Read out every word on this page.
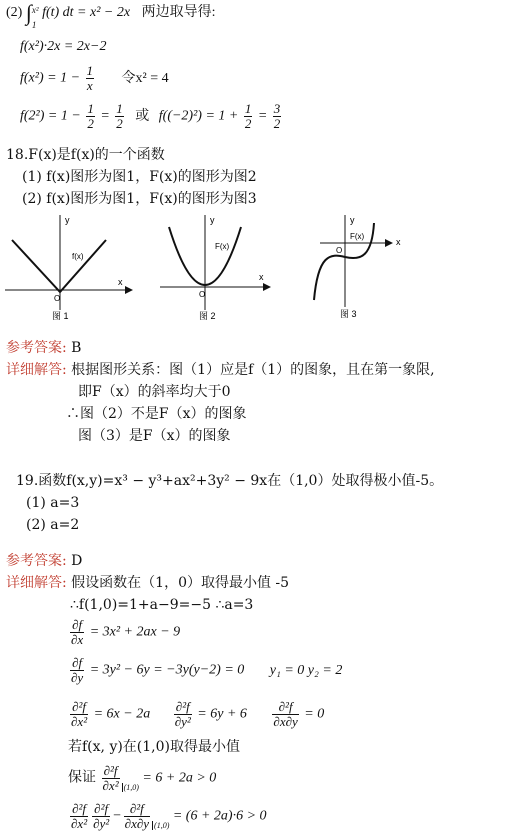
(2) ∫ x²
1
f(t) dt = x² − 2x 两边取导得:
f(x²)·2x = 2x−2
$f(x^2) = 1 - \frac{1}{x}$ 令x² = 4
$f(2^2) = 1 - \frac{1}{2} = \frac{1}{2}$ 或 $f((-2)^2) = 1 + \frac{1}{2} = \frac{3}{2}$
18.F(x)是f(x)的一个函数
(1) f(x)图形为图1，F(x)的图形为图2
(2) f(x)图形为图1，F(x)的图形为图3
y
f(x)
O
x
图 1
y
F(x)
O
x
图 2
y
F(x)
O
x
图 3
参考答案: B
详细解答: 根据图形关系：图（1）应是f（1）的图象，且在第一象限,
即F（x）的斜率均大于0
∴图（2）不是F（x）的图象
图（3）是F（x）的图象
19.函数f(x,y)=x³ − y³+ax²+3y² − 9x在（1,0）处取得极小值-5。
(1) a=3
(2) a=2
参考答案: D
详细解答: 假设函数在（1，0）取得最小值 -5
∴f(1,0)=1+a−9=−5 ∴a=3
$\frac{\partial f}{\partial x} = 3x^2 + 2ax - 9$
$\frac{\partial f}{\partial y} = 3y^2 - 6y = -3y(y-2) = 0$ y₁ = 0 y₂ = 2
$\frac{\text{∂²f}}{\text{∂x²}} = 6x - 2a \frac{\text{∂²f}}{\text{∂y²}} = 6y + 6 \frac{\text{∂²f}}{\partial x\partial y} = 0$
若f(x, y)在(1,0)取得最小值
保证 $\frac{\text{∂²f}}{\text{∂x²}} _{(1,0)} = 6 + 2a > 0$
$\frac{\text{∂²f}}{\text{∂x²}} \frac{\text{∂²f}}{\text{∂y²}} - \frac{\text{∂²f}}{\partial x\partial y} _{(1,0)} = (6 + 2a)\cdot 6 > 0$
